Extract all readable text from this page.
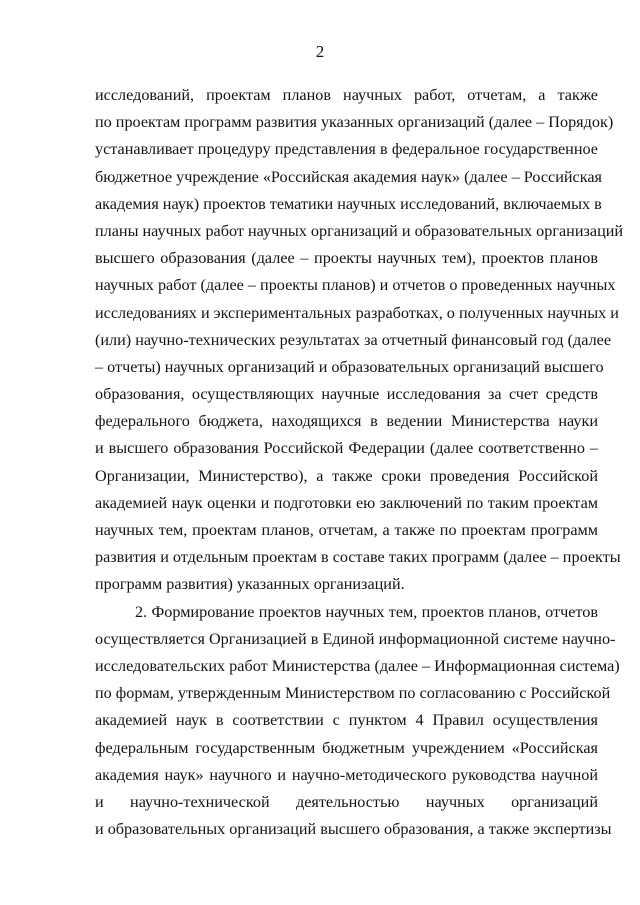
2
исследований, проектам планов научных работ, отчетам, а также
по проектам программ развития указанных организаций (далее – Порядок)
устанавливает процедуру представления в федеральное государственное
бюджетное учреждение «Российская академия наук» (далее – Российская
академия наук) проектов тематики научных исследований, включаемых в
планы научных работ научных организаций и образовательных организаций
высшего образования (далее – проекты научных тем), проектов планов
научных работ (далее – проекты планов) и отчетов о проведенных научных
исследованиях и экспериментальных разработках, о полученных научных и
(или) научно-технических результатах за отчетный финансовый год (далее
– отчеты) научных организаций и образовательных организаций высшего
образования, осуществляющих научные исследования за счет средств
федерального бюджета, находящихся в ведении Министерства науки
и высшего образования Российской Федерации (далее соответственно –
Организации, Министерство), а также сроки проведения Российской
академией наук оценки и подготовки ею заключений по таким проектам
научных тем, проектам планов, отчетам, а также по проектам программ
развития и отдельным проектам в составе таких программ (далее – проекты
программ развития) указанных организаций.
2. Формирование проектов научных тем, проектов планов, отчетов
осуществляется Организацией в Единой информационной системе научно-
исследовательских работ Министерства (далее – Информационная система)
по формам, утвержденным Министерством по согласованию с Российской
академией наук в соответствии с пунктом 4 Правил осуществления
федеральным государственным бюджетным учреждением «Российская
академия наук» научного и научно-методического руководства научной
и научно-технической деятельностью научных организаций
и образовательных организаций высшего образования, а также экспертизы
